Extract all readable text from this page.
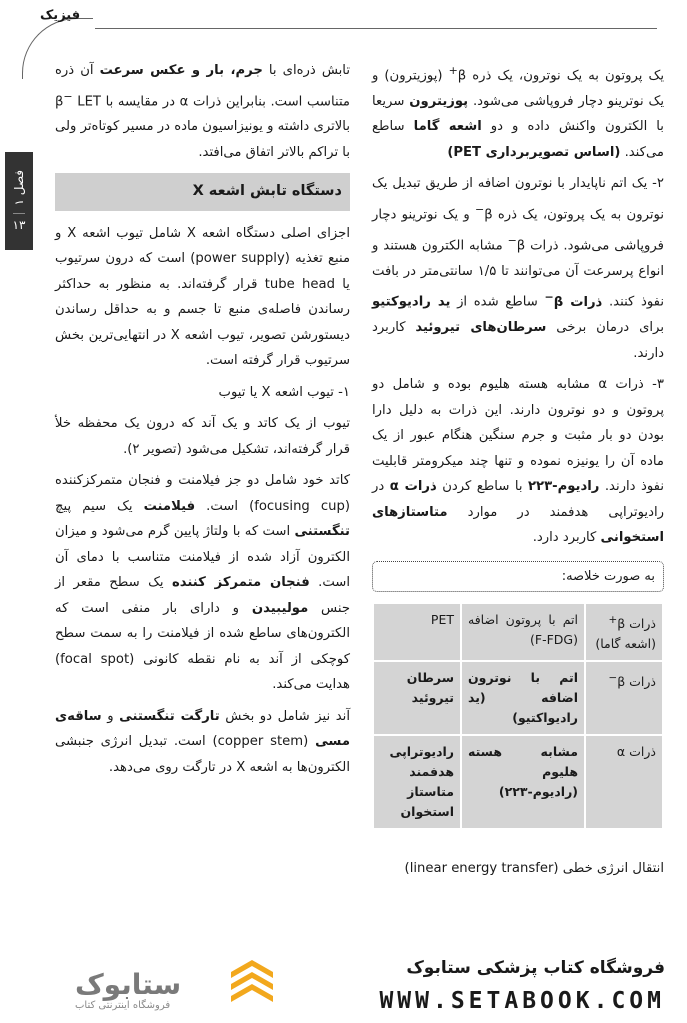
فیزیک
فصل ۱
۱۳

یک پروتون به یک نوترون، یک ذره β+ (پوزیترون) و یک نوترینو دچار فروپاشی می‌شود. پوزیترون سریعا با الکترون واکنش داده و دو اشعه گاما ساطع می‌کند. (اساس تصویربرداری PET)

۲- یک اتم ناپایدار با نوترون اضافه از طریق تبدیل یک نوترون به یک پروتون، یک ذره β− و یک نوترینو دچار فروپاشی می‌شود. ذرات β− مشابه الکترون هستند و انواع پرسرعت آن می‌توانند تا ۱/۵ سانتی‌متر در بافت نفوذ کنند. ذرات β− ساطع شده از ید رادیوکتیو برای درمان برخی سرطان‌های تیروئید کاربرد دارند.

۳- ذرات α مشابه هسته هلیوم بوده و شامل دو پروتون و دو نوترون دارند. این ذرات به دلیل دارا بودن دو بار مثبت و جرم سنگین هنگام عبور از یک ماده آن را یونیزه نموده و تنها چند میکرومتر قابلیت نفوذ دارند. رادیوم-۲۲۳ با ساطع کردن ذرات α در رادیوتراپی هدفمند در موارد متاستازهای استخوانی کاربرد دارد.

به صورت خلاصه:
ذرات β+
(اشعه گاما)	اتم با پروتون اضافه (F-FDG)	PET
ذرات β−	اتم با نوترون اضافه (ید رادیواکتیو)	سرطان تیروئید
ذرات α	مشابه هسته هلیوم (رادیوم-۲۲۳)	رادیوتراپی هدفمند متاستاز استخوان

انتقال انرژی خطی (linear energy transfer)

تابش ذره‌ای با جرم، بار و عکس سرعت آن ذره متناسب است. بنابراین ذرات α در مقایسه با β− LET بالاتری داشته و یونیزاسیون ماده در مسیر کوتاه‌تر ولی با تراکم بالاتر اتفاق می‌افتد.

دستگاه تابش اشعه X

اجزای اصلی دستگاه اشعه X شامل تیوب اشعه X و منبع تغذیه (power supply) است که درون سرتیوب یا tube head قرار گرفته‌اند. به منظور به حداکثر رساندن فاصله‌ی منبع تا جسم و به حداقل رساندن دیستورشن تصویر، تیوب اشعه X در انتهایی‌ترین بخش سرتیوب قرار گرفته است.

۱- تیوب اشعه X یا تیوب

تیوب از یک کاتد و یک آند که درون یک محفظه خلأ قرار گرفته‌اند، تشکیل می‌شود (تصویر ۲).

کاتد خود شامل دو جز فیلامنت و فنجان متمرکزکننده (focusing cup) است. فیلامنت یک سیم پیچ تنگستنی است که با ولتاژ پایین گرم می‌شود و میزان الکترون آزاد شده از فیلامنت متناسب با دمای آن است. فنجان متمرکز کننده یک سطح مقعر از جنس مولیبیدن و دارای بار منفی است که الکترون‌های ساطع شده از فیلامنت را به سمت سطح کوچکی از آند به نام نقطه کانونی (focal spot) هدایت می‌کند.

آند نیز شامل دو بخش تارگت تنگستنی و ساقه‌ی مسی (copper stem) است. تبدیل انرژی جنبشی الکترون‌ها به اشعه X در تارگت روی می‌دهد.

ستابوک
فروشگاه اینترنتی کتاب
فروشگاه کتاب پزشکی ستابوک
WWW.SETABOOK.COM
